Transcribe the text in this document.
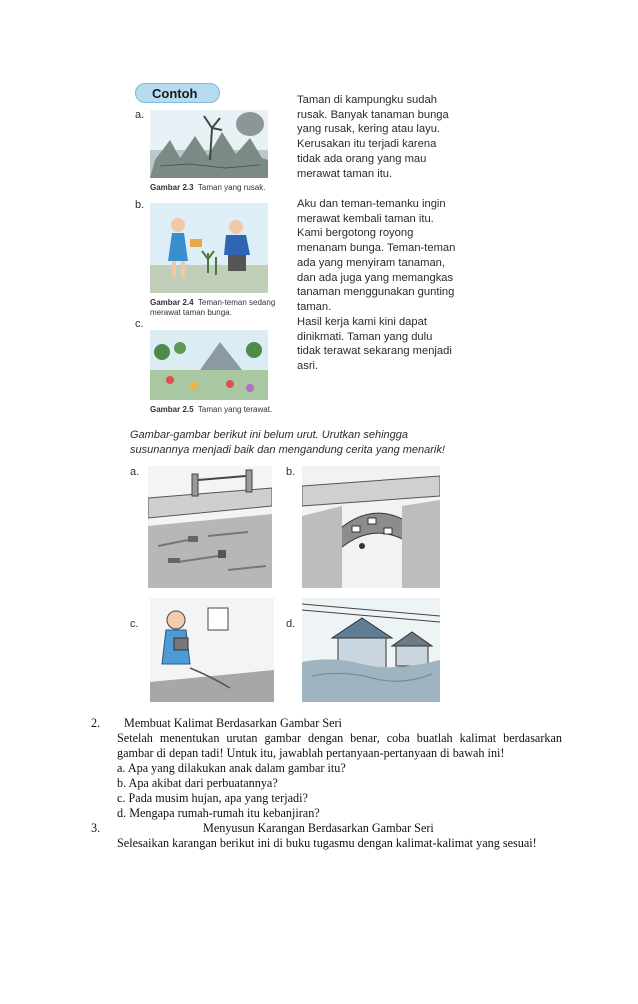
Contoh
a.
Gambar 2.3 Taman yang rusak.
Taman di kampungku sudah rusak. Banyak tanaman bunga yang rusak, kering atau layu. Kerusakan itu terjadi karena tidak ada orang yang mau merawat taman itu.
b.
Gambar 2.4 Teman-teman sedang merawat taman bunga.
Aku dan teman-temanku ingin merawat kembali taman itu. Kami bergotong royong menanam bunga. Teman-teman ada yang menyiram tanaman, dan ada juga yang memangkas tanaman menggunakan gunting taman.
c.
Gambar 2.5 Taman yang terawat.
Hasil kerja kami kini dapat dinikmati. Taman yang dulu tidak terawat sekarang menjadi asri.
Gambar-gambar berikut ini belum urut. Urutkan sehingga susunannya menjadi baik dan mengandung cerita yang menarik!
a.	b.
c.	d.
2. Membuat Kalimat Berdasarkan Gambar Seri
Setelah menentukan urutan gambar dengan benar, coba buatlah kalimat berdasarkan
gambar di depan tadi! Untuk itu, jawablah pertanyaan-pertanyaan di bawah ini!
a. Apa yang dilakukan anak dalam gambar itu?
b. Apa akibat dari perbuatannya?
c. Pada musim hujan, apa yang terjadi?
d. Mengapa rumah-rumah itu kebanjiran?
3.	Menyusun Karangan Berdasarkan Gambar Seri
Selesaikan karangan berikut ini di buku tugasmu dengan kalimat-kalimat yang sesuai!
